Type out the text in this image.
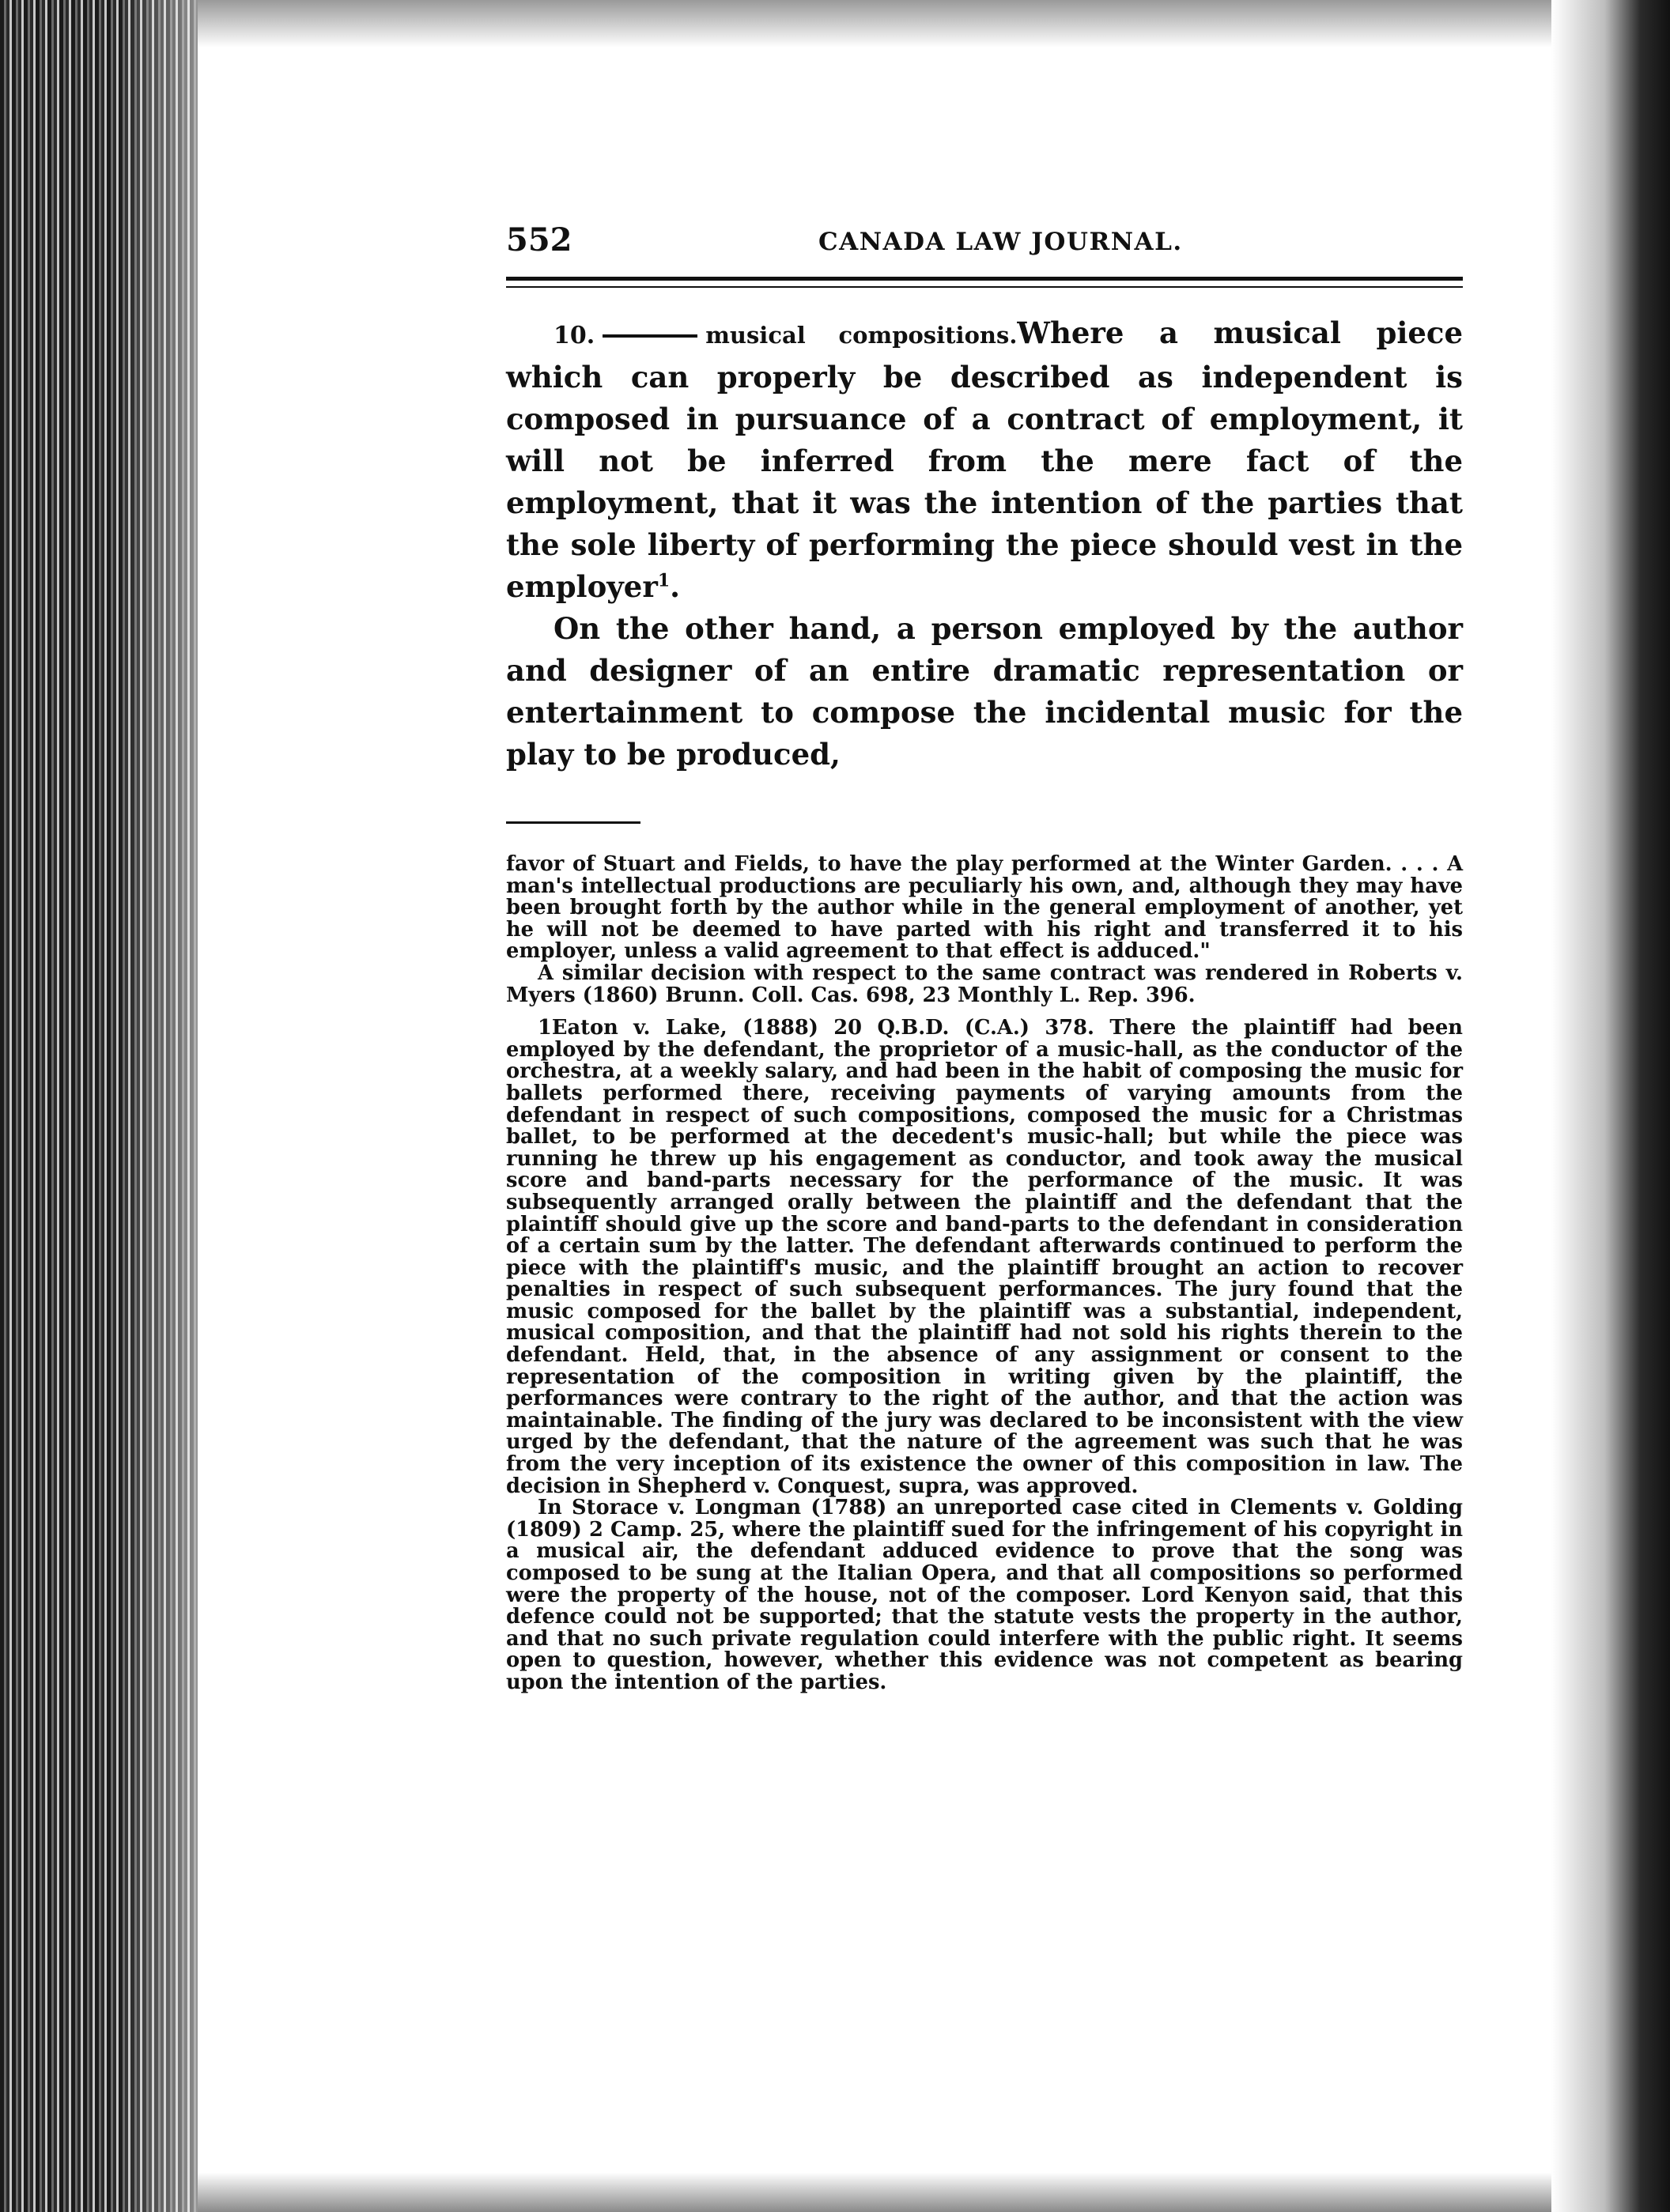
552	CANADA LAW JOURNAL.

10.	musical compositions.Where a musical piece which can properly be described as independent is composed in pursuance of a contract of employment, it will not be inferred from the mere fact of the employment, that it was the intention of the parties that the sole liberty of performing the piece should vest in the employer$^1$.

On the other hand, a person employed by the author and designer of an entire dramatic representation or entertainment to compose the incidental music for the play to be produced,

favor of Stuart and Fields, to have the play performed at the Winter Garden. . . . A man's intellectual productions are peculiarly his own, and, although they may have been brought forth by the author while in the general employment of another, yet he will not be deemed to have parted with his right and transferred it to his employer, unless a valid agreement to that effect is adduced."

A similar decision with respect to the same contract was rendered in Roberts v. Myers (1860) Brunn. Coll. Cas. 698, 23 Monthly L. Rep. 396.

1Eaton v. Lake, (1888) 20 Q.B.D. (C.A.) 378. There the plaintiff had been employed by the defendant, the proprietor of a music-hall, as the conductor of the orchestra, at a weekly salary, and had been in the habit of composing the music for ballets performed there, receiving payments of varying amounts from the defendant in respect of such compositions, composed the music for a Christmas ballet, to be performed at the decedent's music-hall; but while the piece was running he threw up his engagement as conductor, and took away the musical score and band-parts necessary for the performance of the music. It was subsequently arranged orally between the plaintiff and the defendant that the plaintiff should give up the score and band-parts to the defendant in consideration of a certain sum by the latter. The defendant afterwards continued to perform the piece with the plaintiff's music, and the plaintiff brought an action to recover penalties in respect of such subsequent performances. The jury found that the music composed for the ballet by the plaintiff was a substantial, independent, musical composition, and that the plaintiff had not sold his rights therein to the defendant. Held, that, in the absence of any assignment or consent to the representation of the composition in writing given by the plaintiff, the performances were contrary to the right of the author, and that the action was maintainable. The finding of the jury was declared to be inconsistent with the view urged by the defendant, that the nature of the agreement was such that he was from the very inception of its existence the owner of this composition in law. The decision in Shepherd v. Conquest, supra, was approved.

In Storace v. Longman (1788) an unreported case cited in Clements v. Golding (1809) 2 Camp. 25, where the plaintiff sued for the infringement of his copyright in a musical air, the defendant adduced evidence to prove that the song was composed to be sung at the Italian Opera, and that all compositions so performed were the property of the house, not of the composer. Lord Kenyon said, that this defence could not be supported; that the statute vests the property in the author, and that no such private regulation could interfere with the public right. It seems open to question, however, whether this evidence was not competent as bearing upon the intention of the parties.
